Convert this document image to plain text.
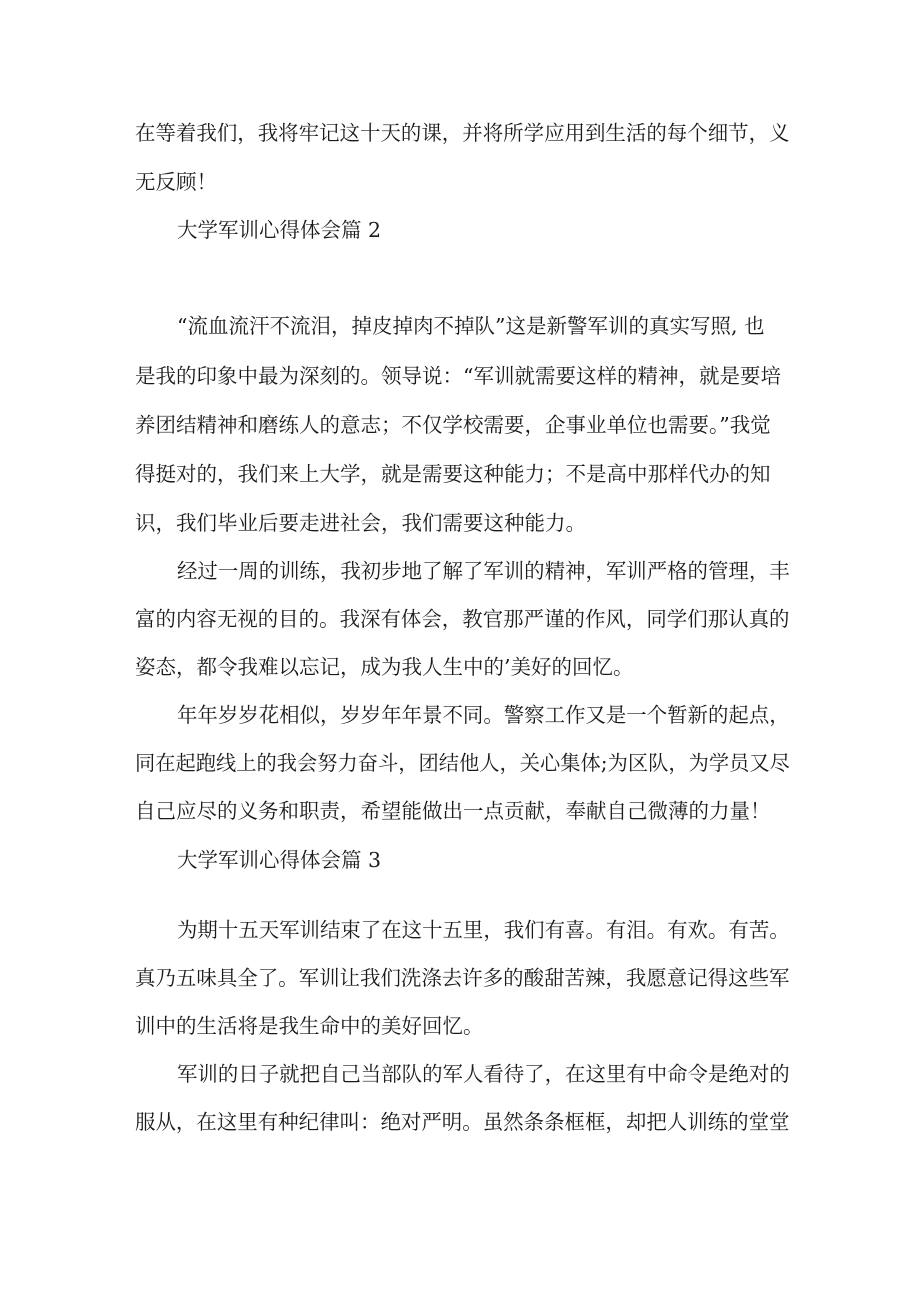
在等着我们，我将牢记这十天的课，并将所学应用到生活的每个细节，义
无反顾！
大学军训心得体会篇 2
“流血流汗不流泪，掉皮掉肉不掉队”这是新警军训的真实写照, 也
是我的印象中最为深刻的。领导说：“军训就需要这样的精神，就是要培
养团结精神和磨练人的意志；不仅学校需要，企事业单位也需要。”我觉
得挺对的，我们来上大学，就是需要这种能力；不是高中那样代办的知
识，我们毕业后要走进社会，我们需要这种能力。
经过一周的训练，我初步地了解了军训的精神，军训严格的管理，丰
富的内容无视的目的。我深有体会，教官那严谨的作风，同学们那认真的
姿态，都令我难以忘记，成为我人生中的’美好的回忆。
年年岁岁花相似，岁岁年年景不同。警察工作又是一个暂新的起点，
同在起跑线上的我会努力奋斗，团结他人，关心集体;为区队，为学员又尽
自己应尽的义务和职责，希望能做出一点贡献，奉献自己微薄的力量！
大学军训心得体会篇 3
为期十五天军训结束了在这十五里，我们有喜。有泪。有欢。有苦。
真乃五味具全了。军训让我们洗涤去许多的酸甜苦辣，我愿意记得这些军
训中的生活将是我生命中的美好回忆。
军训的日子就把自己当部队的军人看待了，在这里有中命令是绝对的
服从，在这里有种纪律叫：绝对严明。虽然条条框框，却把人训练的堂堂
